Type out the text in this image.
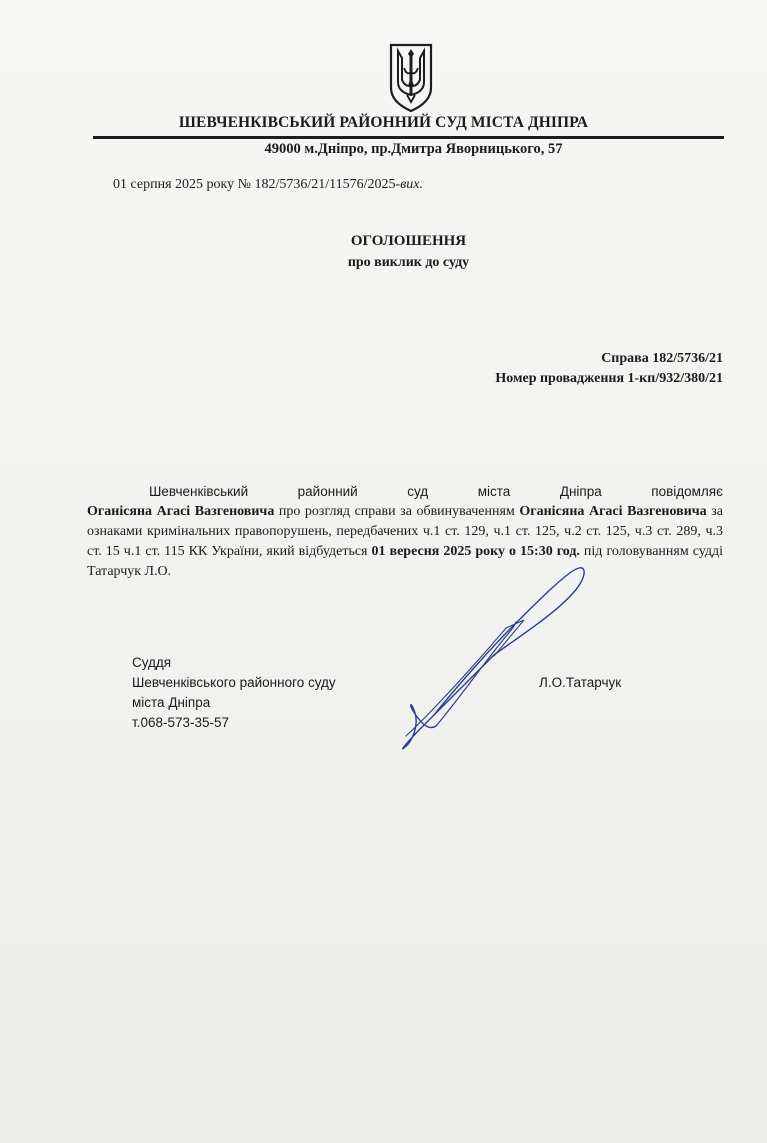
ШЕВЧЕНКІВСЬКИЙ РАЙОННИЙ СУД МІСТА ДНІПРА
49000 м.Дніпро, пр.Дмитра Яворницького, 57
01 серпня 2025 року № 182/5736/21/11576/2025-вих.
ОГОЛОШЕННЯ
про виклик до суду
Справа 182/5736/21
Номер провадження 1-кп/932/380/21
Шевченківський районний суд міста Дніпра повідомляє
Оганісяна Агасі Вазгеновича про розгляд справи за обвинуваченням Оганісяна Агасі Вазгеновича за ознаками кримінальних правопорушень, передбачених ч.1 ст. 129, ч.1 ст. 125, ч.2 ст. 125, ч.3 ст. 289, ч.3 ст. 15 ч.1 ст. 115 КК України, який відбудеться 01 вересня 2025 року о 15:30 год. під головуванням судді Татарчук Л.О.
Суддя
Шевченківського районного суду
міста Дніпра
т.068-573-35-57
Л.О.Татарчук
